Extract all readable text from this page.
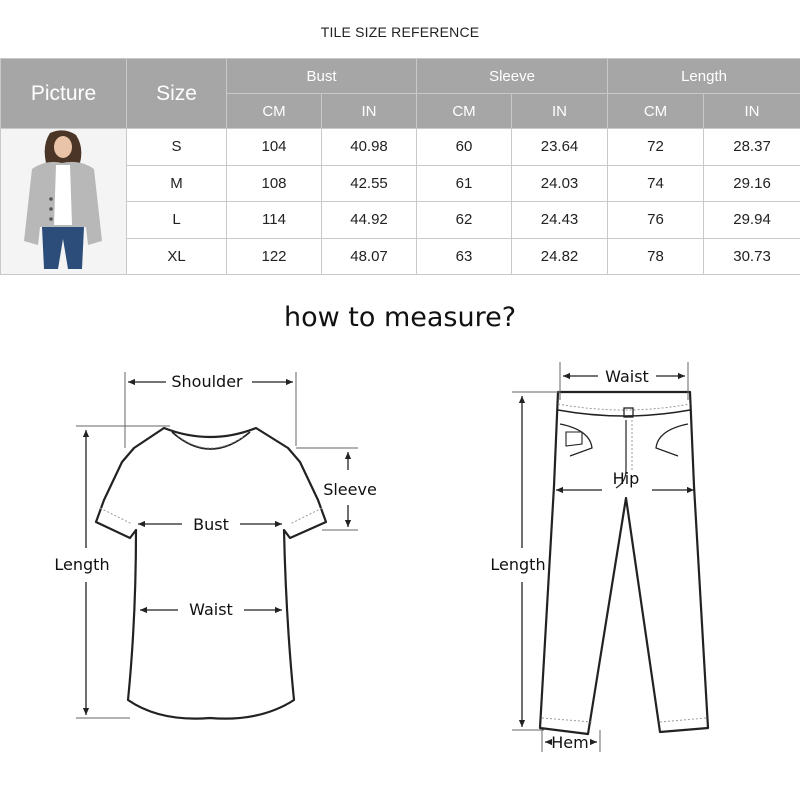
TILE SIZE REFERENCE
Picture	Size	Bust		Sleeve		Length	
		CM	IN	CM	IN	CM	IN
	S	104	40.98	60	23.64	72	28.37
	M	108	42.55	61	24.03	74	29.16
	L	114	44.92	62	24.43	76	29.94
	XL	122	48.07	63	24.82	78	30.73
how to measure?
Shoulder
Sleeve
Bust
Waist
Length
Waist
Hip
Length
Hem
